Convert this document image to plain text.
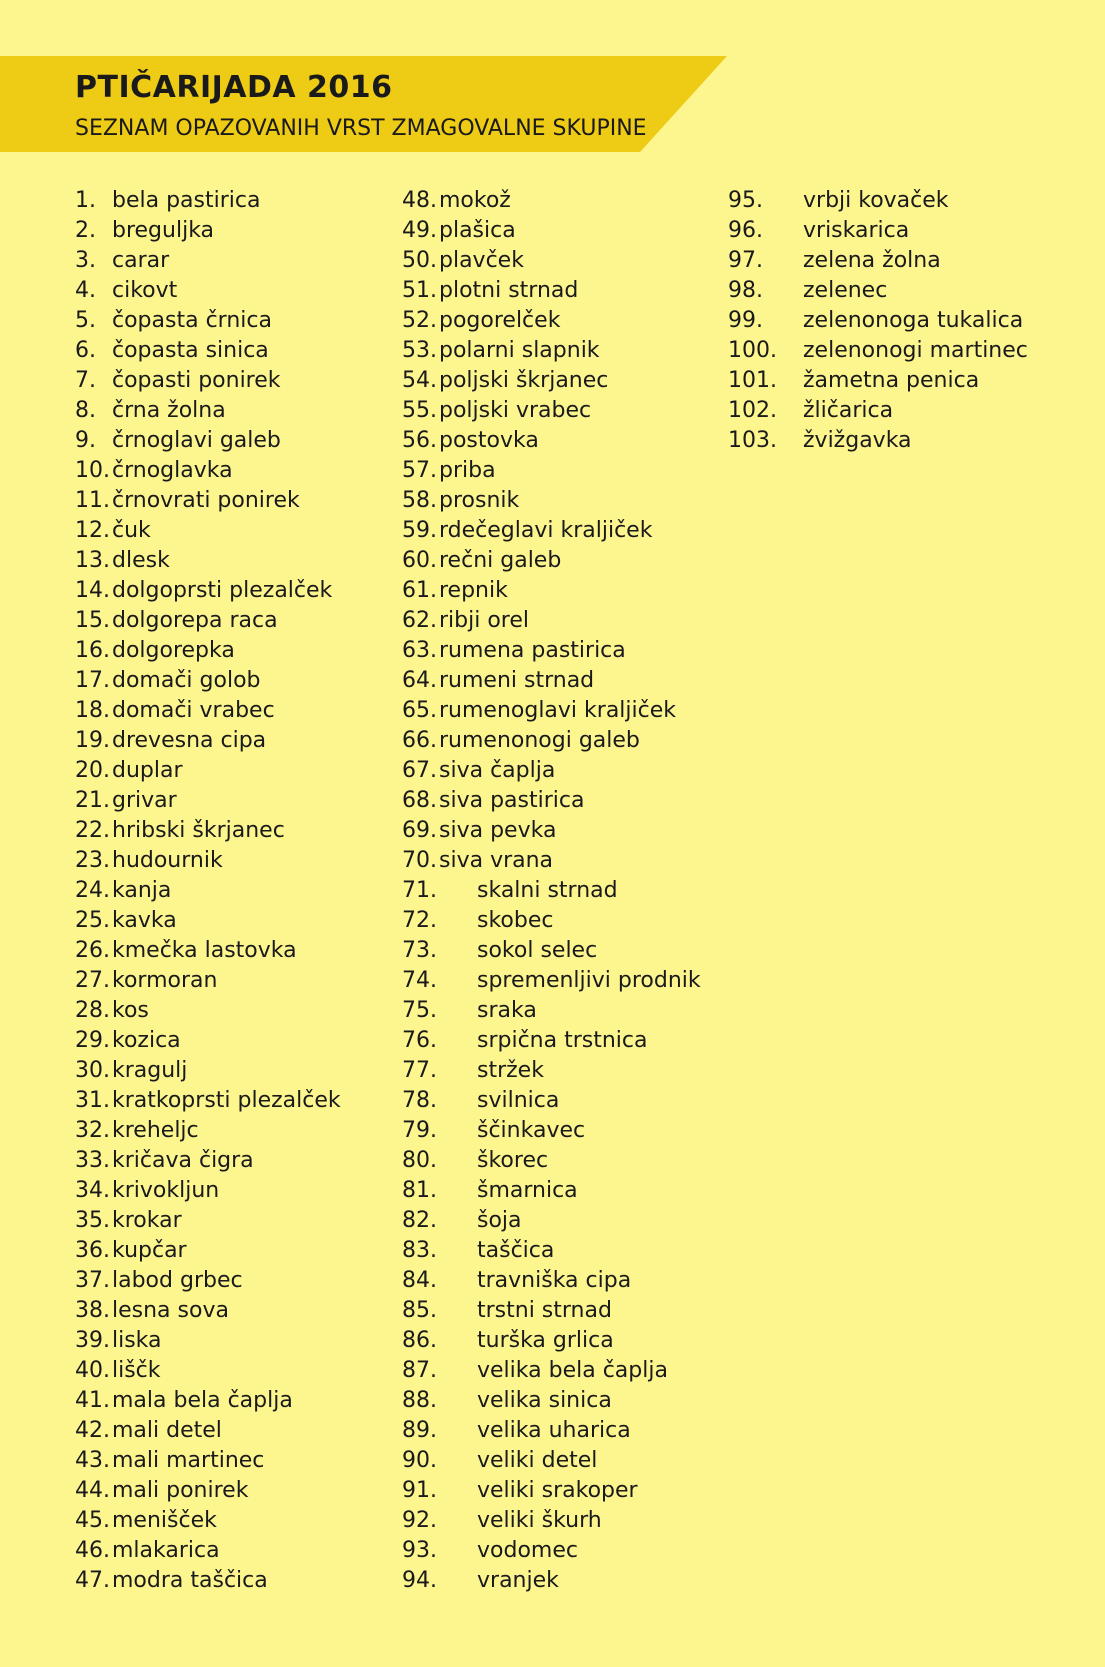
PTIČARIJADA 2016
SEZNAM OPAZOVANIH VRST ZMAGOVALNE SKUPINE
1. bela pastirica
2. breguljka
3. carar
4. cikovt
5. čopasta črnica
6. čopasta sinica
7. čopasti ponirek
8. črna žolna
9. črnoglavi galeb
10.črnoglavka
11.črnovrati ponirek
12.čuk
13.dlesk
14.dolgoprsti plezalček
15.dolgorepa raca
16.dolgorepka
17.domači golob
18.domači vrabec
19.drevesna cipa
20.duplar
21.grivar
22.hribski škrjanec
23.hudournik
24.kanja
25.kavka
26.kmečka lastovka
27.kormoran
28.kos
29.kozica
30.kragulj
31.kratkoprsti plezalček
32.kreheljc
33.kričava čigra
34.krivokljun
35.krokar
36.kupčar
37.labod grbec
38.lesna sova
39.liska
40.liščk
41.mala bela čaplja
42.mali detel
43.mali martinec
44.mali ponirek
45.menišček
46.mlakarica
47.modra taščica
48.mokož
49.plašica
50.plavček
51.plotni strnad
52.pogorelček
53.polarni slapnik
54.poljski škrjanec
55.poljski vrabec
56.postovka
57.priba
58.prosnik
59.rdečeglavi kraljiček
60.rečni galeb
61.repnik
62.ribji orel
63.rumena pastirica
64.rumeni strnad
65.rumenoglavi kraljiček
66.rumenonogi galeb
67.siva čaplja
68.siva pastirica
69.siva pevka
70.siva vrana
71. skalni strnad
72. skobec
73. sokol selec
74. spremenljivi prodnik
75. sraka
76. srpična trstnica
77. stržek
78. svilnica
79. ščinkavec
80. škorec
81. šmarnica
82. šoja
83. taščica
84. travniška cipa
85. trstni strnad
86. turška grlica
87. velika bela čaplja
88. velika sinica
89. velika uharica
90. veliki detel
91. veliki srakoper
92. veliki škurh
93. vodomec
94. vranjek
95. vrbji kovaček
96. vriskarica
97. zelena žolna
98. zelenec
99. zelenonoga tukalica
100. zelenonogi martinec
101. žametna penica
102. žličarica
103. žvižgavka
